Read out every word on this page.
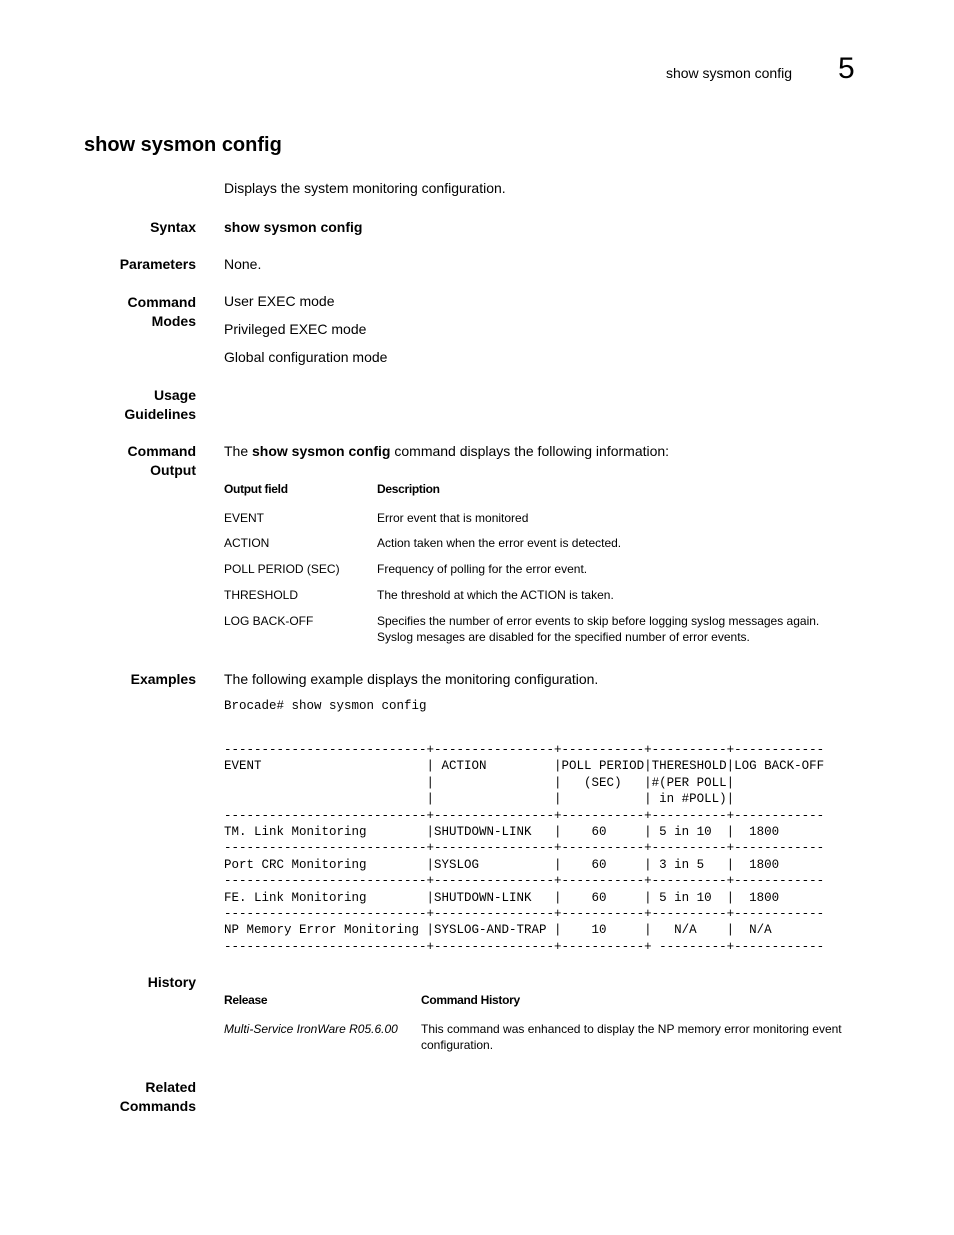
show sysmon config 5
show sysmon config
Displays the system monitoring configuration.
Syntax show sysmon config
Parameters None.
Command
Modes
User EXEC mode
Privileged EXEC mode
Global configuration mode
Usage
Guidelines
Command
Output
The show sysmon config command displays the following information:
Output field	Description
EVENT	Error event that is monitored
ACTION	Action taken when the error event is detected.
POLL PERIOD (SEC)	Frequency of polling for the error event.
THRESHOLD	The threshold at which the ACTION is taken.
LOG BACK-OFF	Specifies the number of error events to skip before logging syslog messages again.
Syslog mesages are disabled for the specified number of error events.
Examples The following example displays the monitoring configuration.
Brocade# show sysmon config
---------------------------+----------------+-----------+----------+------------
EVENT                      | ACTION         |POLL PERIOD|THERESHOLD|LOG BACK-OFF
|                |   (SEC)   |#(PER POLL|
|                |           | in #POLL)|
---------------------------+----------------+-----------+----------+------------
TM. Link Monitoring        |SHUTDOWN-LINK   |    60     | 5 in 10  |  1800
---------------------------+----------------+-----------+----------+------------
Port CRC Monitoring        |SYSLOG          |    60     | 3 in 5   |  1800
---------------------------+----------------+-----------+----------+------------
FE. Link Monitoring        |SHUTDOWN-LINK   |    60     | 5 in 10  |  1800
---------------------------+----------------+-----------+----------+------------
NP Memory Error Monitoring |SYSLOG-AND-TRAP |    10     |   N/A    |  N/A
---------------------------+----------------+-----------+ ---------+------------
History
Release	Command History
Multi-Service IronWare R05.6.00 This command was enhanced to display the NP memory error monitoring event
configuration.
Related
Commands
